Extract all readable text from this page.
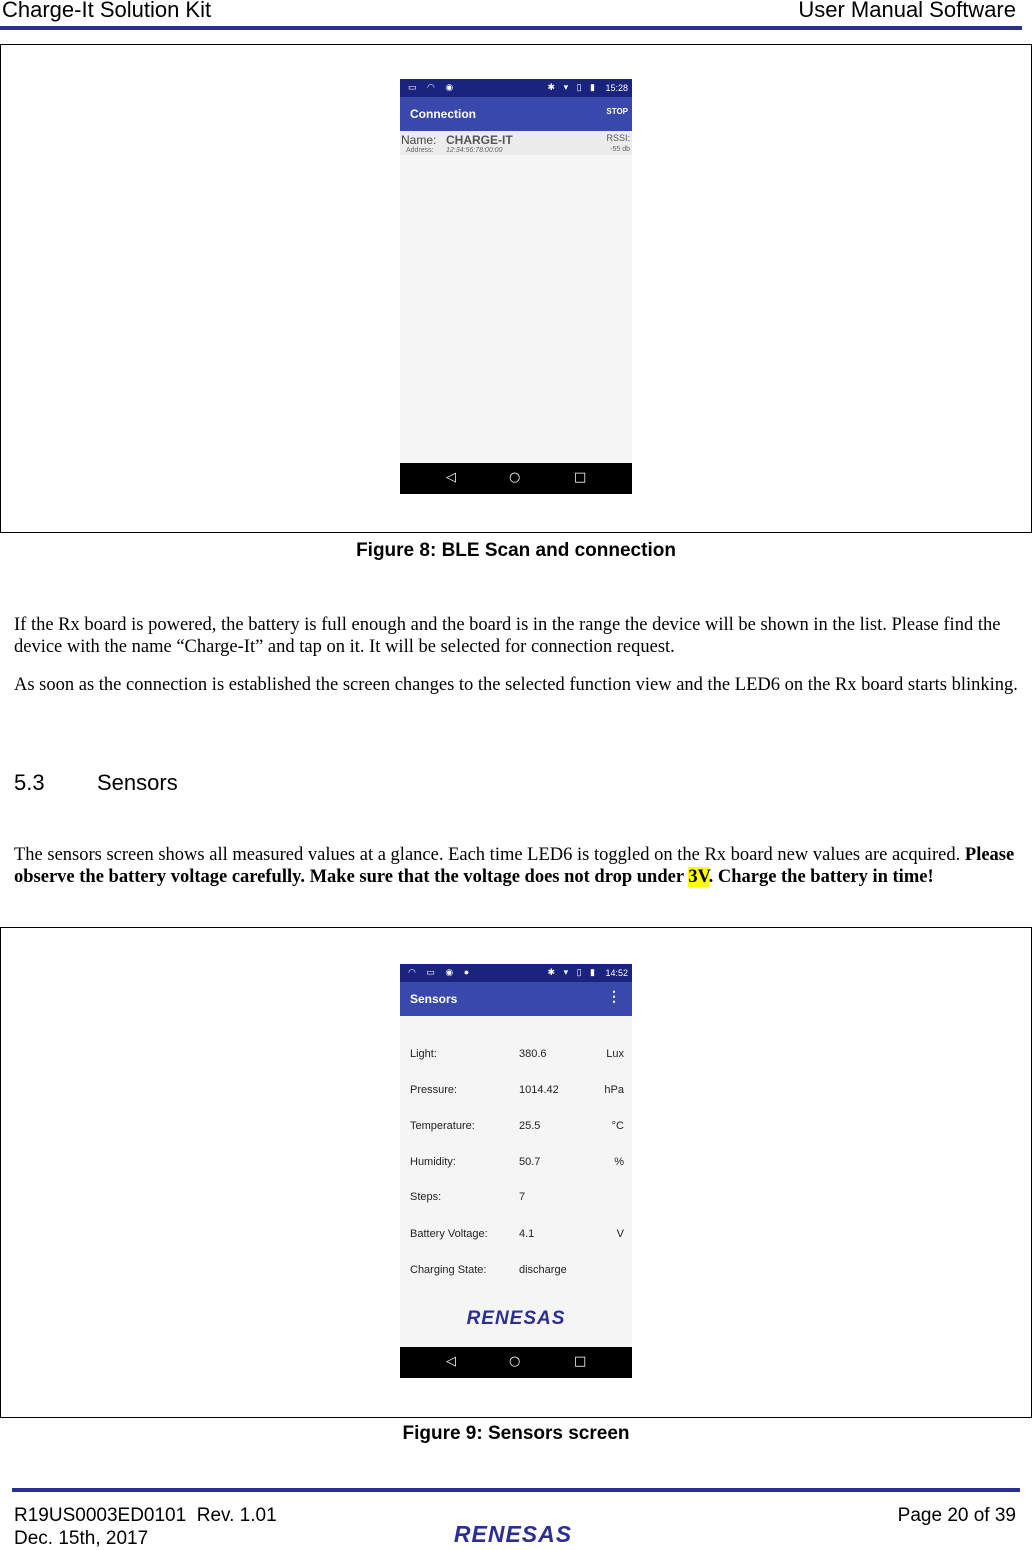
Charge-It Solution Kit	User Manual Software
▭ ◠ ◉	✱ ▾ ▯ ▮ 15:28
Connection	STOP
Name: CHARGE-IT
Address: 12:34:56:78:00:00
RSSI:
-55 db
◁	○	□
Figure 8: BLE Scan and connection
If the Rx board is powered, the battery is full enough and the board is in the range the device will be shown in the list. Please find the device with the name “Charge-It” and tap on it. It will be selected for connection request.
As soon as the connection is established the screen changes to the selected function view and the LED6 on the Rx board starts blinking.
5.3 Sensors
The sensors screen shows all measured values at a glance. Each time LED6 is toggled on the Rx board new values are acquired. Please observe the battery voltage carefully. Make sure that the voltage does not drop under 3V. Charge the battery in time!
◠ ▭ ◉ ●	✱ ▾ ▯ ▮ 14:52
Sensors	⋮
Light:	380.6	Lux
Pressure:	1014.42	hPa
Temperature:	25.5	°C
Humidity:	50.7	%
Steps:	7
Battery Voltage:	4.1	V
Charging State:	discharge
RENESAS
◁	○	□
Figure 9: Sensors screen
R19US0003ED0101  Rev. 1.01
Dec. 15th, 2017
Page 20 of 39
RENESAS
